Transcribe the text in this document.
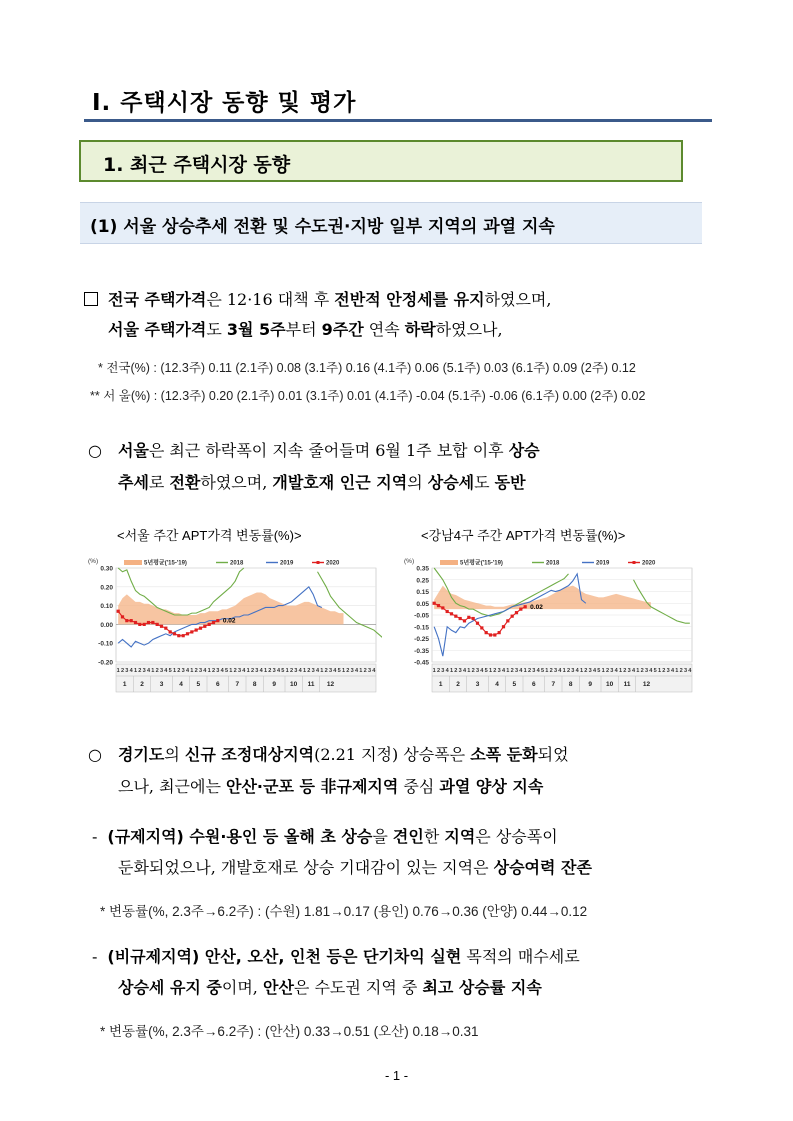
Ⅰ. 주택시장 동향 및 평가
1. 최근 주택시장 동향
(1) 서울 상승추세 전환 및 수도권·지방 일부 지역의 과열 지속
전국 주택가격은 12·16 대책 후 전반적 안정세를 유지하였으며,
서울 주택가격도 3월 5주부터 9주간 연속 하락하였으나,
* 전국(%) : (12.3주) 0.11 (2.1주) 0.08 (3.1주) 0.16 (4.1주) 0.06 (5.1주) 0.03 (6.1주) 0.09 (2주) 0.12
** 서 울(%) : (12.3주) 0.20 (2.1주) 0.01 (3.1주) 0.01 (4.1주) -0.04 (5.1주) -0.06 (6.1주) 0.00 (2주) 0.02
○ 서울은 최근 하락폭이 지속 줄어들며 6월 1주 보합 이후 상승
추세로 전환하였으며, 개발호재 인근 지역의 상승세도 동반
<서울 주간 APT가격 변동률(%)>	<강남4구 주간 APT가격 변동률(%)>
0.30
0.20
0.10
0.00
-0.10
-0.20
(%)
0.02
5년평균('15-'19)	2018	2019	2020
1 2 3 4 1 2 3 4 1 2 3 4 5 1 2 3 4 1 2 3 4 1 2 3 4 5 1 2 3 4 1 2 3 4 1 2 3 4 5 1 2 3 4 1 2 3 4 1 2 3 4 5 1 2 3 4 1 2 3 4
1 2 3 4 5 6 7 8 9 10 11 12
0.35
0.25
0.15
0.05
-0.05
-0.15
-0.25
-0.35
-0.45
(%)
0.02
5년평균('15-'19)	2018	2019	2020
1 2 3 4 1 2 3 4 1 2 3 4 5 1 2 3 4 1 2 3 4 1 2 3 4 5 1 2 3 4 1 2 3 4 1 2 3 4 5 1 2 3 4 1 2 3 4 1 2 3 4 5 1 2 3 4 1 2 3 4
1 2 3 4 5 6 7 8 9 10 11 12
○ 경기도의 신규 조정대상지역(2.21 지정) 상승폭은 소폭 둔화되었
으나, 최근에는 안산·군포 등 非규제지역 중심 과열 양상 지속
- (규제지역) 수원·용인 등 올해 초 상승을 견인한 지역은 상승폭이
둔화되었으나, 개발호재로 상승 기대감이 있는 지역은 상승여력 잔존
* 변동률(%, 2.3주→6.2주) : (수원) 1.81→0.17 (용인) 0.76→0.36 (안양) 0.44→0.12
- (비규제지역) 안산, 오산, 인천 등은 단기차익 실현 목적의 매수세로
상승세 유지 중이며, 안산은 수도권 지역 중 최고 상승률 지속
* 변동률(%, 2.3주→6.2주) : (안산) 0.33→0.51 (오산) 0.18→0.31
- 1 -
